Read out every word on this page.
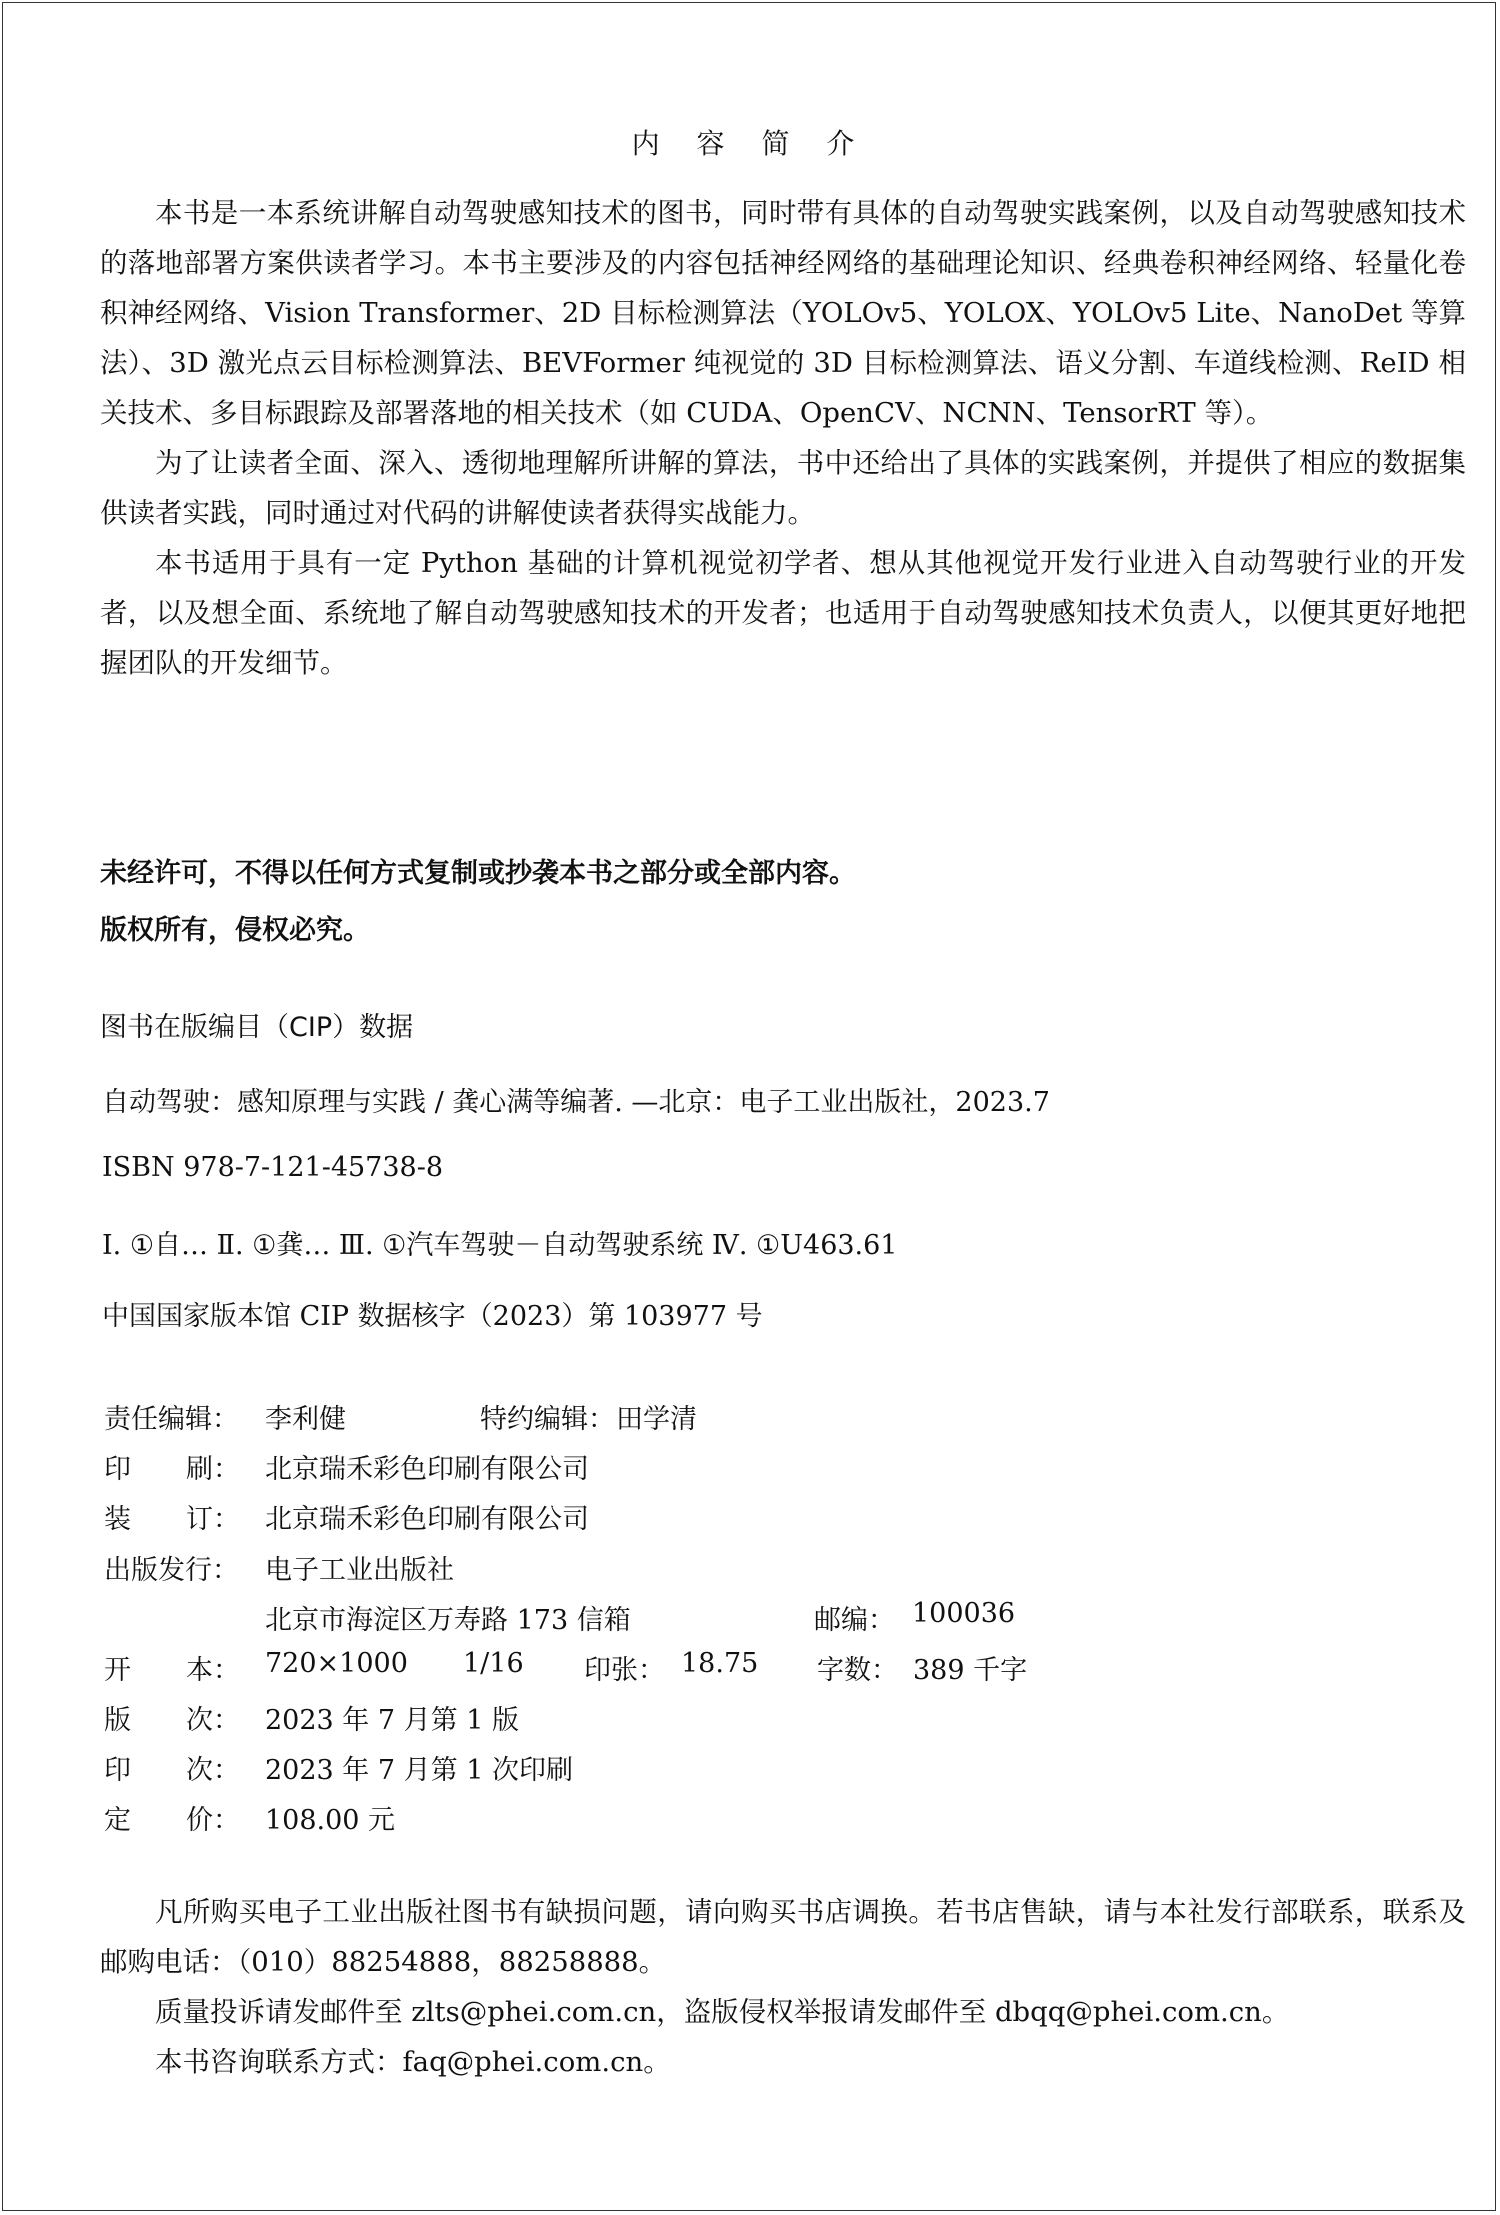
内 容 简 介

本书是一本系统讲解自动驾驶感知技术的图书，同时带有具体的自动驾驶实践案例，以及自动驾驶感知技术的落地部署方案供读者学习。本书主要涉及的内容包括神经网络的基础理论知识、经典卷积神经网络、轻量化卷积神经网络、Vision Transformer、2D 目标检测算法（YOLOv5、YOLOX、YOLOv5 Lite、NanoDet 等算法）、3D 激光点云目标检测算法、BEVFormer 纯视觉的 3D 目标检测算法、语义分割、车道线检测、ReID 相关技术、多目标跟踪及部署落地的相关技术（如 CUDA、OpenCV、NCNN、TensorRT 等）。

为了让读者全面、深入、透彻地理解所讲解的算法，书中还给出了具体的实践案例，并提供了相应的数据集供读者实践，同时通过对代码的讲解使读者获得实战能力。

本书适用于具有一定 Python 基础的计算机视觉初学者、想从其他视觉开发行业进入自动驾驶行业的开发者，以及想全面、系统地了解自动驾驶感知技术的开发者；也适用于自动驾驶感知技术负责人，以便其更好地把握团队的开发细节。

未经许可，不得以任何方式复制或抄袭本书之部分或全部内容。
版权所有，侵权必究。
图书在版编目（CIP）数据
自动驾驶：感知原理与实践 / 龚心满等编著. —北京：电子工业出版社，2023.7
ISBN 978-7-121-45738-8
Ⅰ. ①自… Ⅱ. ①龚… Ⅲ. ①汽车驾驶－自动驾驶系统 Ⅳ. ①U463.61
中国国家版本馆 CIP 数据核字（2023）第 103977 号
责任编辑： 李利健	特约编辑： 田学清
印 刷： 北京瑞禾彩色印刷有限公司
装 订： 北京瑞禾彩色印刷有限公司
出版发行： 电子工业出版社
北京市海淀区万寿路 173 信箱	邮编： 100036
开 本： 720×1000 1/16 印张： 18.75 字数： 389 千字
版 次： 2023 年 7 月第 1 版
印 次： 2023 年 7 月第 1 次印刷
定 价： 108.00 元

凡所购买电子工业出版社图书有缺损问题，请向购买书店调换。若书店售缺，请与本社发行部联系，联系及邮购电话：（010）88254888，88258888。

质量投诉请发邮件至 zlts@phei.com.cn，盗版侵权举报请发邮件至 dbqq@phei.com.cn。

本书咨询联系方式：faq@phei.com.cn。
